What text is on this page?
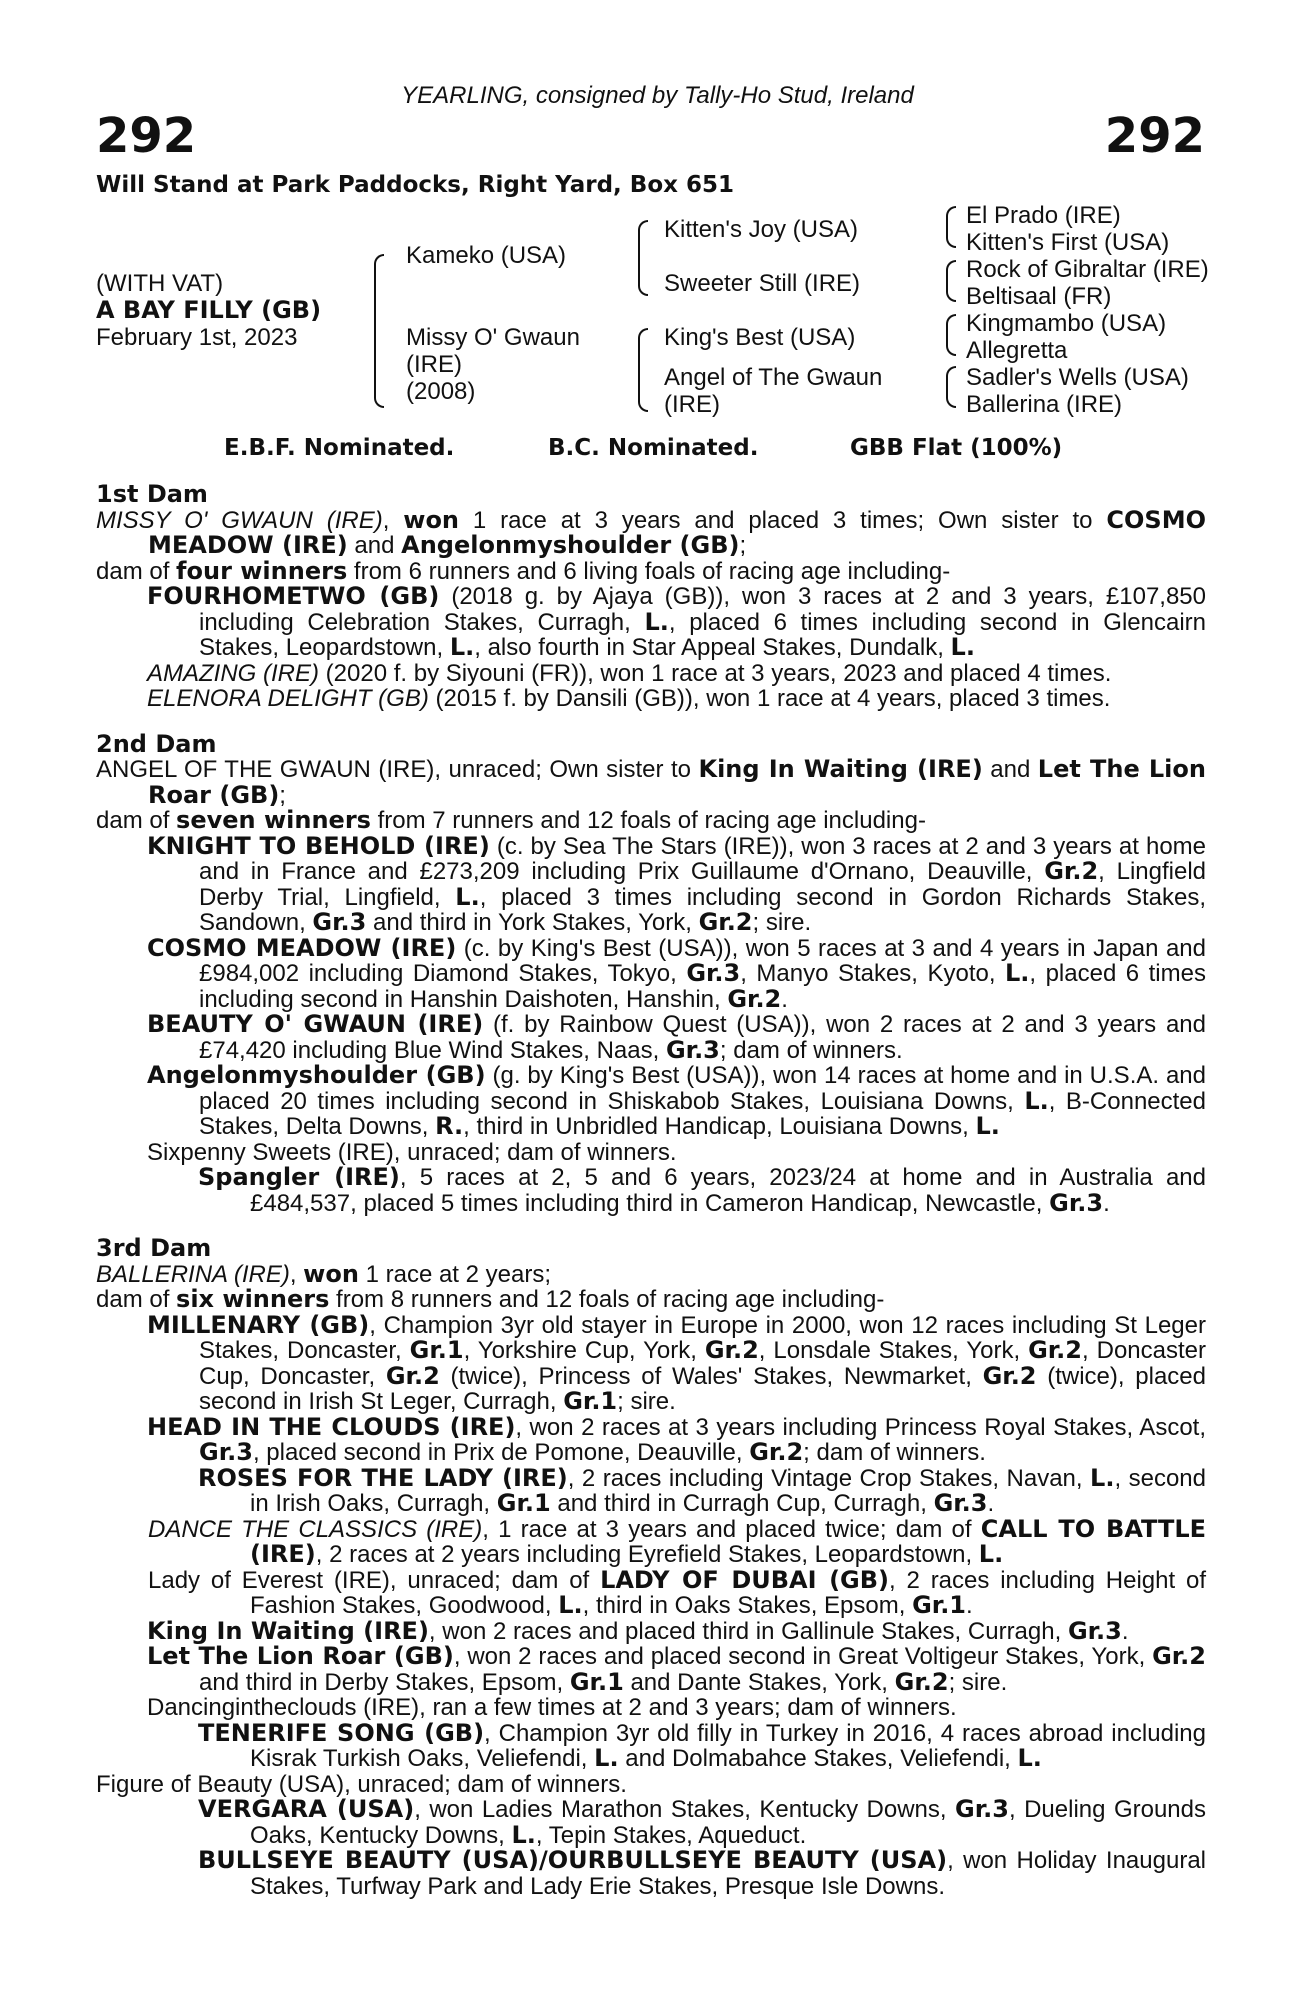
YEARLING, consigned by Tally-Ho Stud, Ireland
292	292
Will Stand at Park Paddocks, Right Yard, Box 651
(WITH VAT)
A BAY FILLY (GB)
February 1st, 2023
Kameko (USA)
Missy O' Gwaun
(IRE)
(2008)
Kitten's Joy (USA)
Sweeter Still (IRE)
King's Best (USA)
Angel of The Gwaun
(IRE)
El Prado (IRE)
Kitten's First (USA)
Rock of Gibraltar (IRE)
Beltisaal (FR)
Kingmambo (USA)
Allegretta
Sadler's Wells (USA)
Ballerina (IRE)
E.B.F. Nominated.	B.C. Nominated.	GBB Flat (100%)

1st Dam

MISSY O' GWAUN (IRE), won 1 race at 3 years and placed 3 times; Own sister to COSMO MEADOW (IRE) and Angelonmyshoulder (GB);

dam of four winners from 6 runners and 6 living foals of racing age including-

FOURHOMETWO (GB) (2018 g. by Ajaya (GB)), won 3 races at 2 and 3 years, £107,850 including Celebration Stakes, Curragh, L., placed 6 times including second in Glencairn Stakes, Leopardstown, L., also fourth in Star Appeal Stakes, Dundalk, L.

AMAZING (IRE) (2020 f. by Siyouni (FR)), won 1 race at 3 years, 2023 and placed 4 times.

ELENORA DELIGHT (GB) (2015 f. by Dansili (GB)), won 1 race at 4 years, placed 3 times.

2nd Dam

ANGEL OF THE GWAUN (IRE), unraced; Own sister to King In Waiting (IRE) and Let The Lion Roar (GB);

dam of seven winners from 7 runners and 12 foals of racing age including-

KNIGHT TO BEHOLD (IRE) (c. by Sea The Stars (IRE)), won 3 races at 2 and 3 years at home and in France and £273,209 including Prix Guillaume d'Ornano, Deauville, Gr.2, Lingfield Derby Trial, Lingfield, L., placed 3 times including second in Gordon Richards Stakes, Sandown, Gr.3 and third in York Stakes, York, Gr.2; sire.

COSMO MEADOW (IRE) (c. by King's Best (USA)), won 5 races at 3 and 4 years in Japan and £984,002 including Diamond Stakes, Tokyo, Gr.3, Manyo Stakes, Kyoto, L., placed 6 times including second in Hanshin Daishoten, Hanshin, Gr.2.

BEAUTY O' GWAUN (IRE) (f. by Rainbow Quest (USA)), won 2 races at 2 and 3 years and £74,420 including Blue Wind Stakes, Naas, Gr.3; dam of winners.

Angelonmyshoulder (GB) (g. by King's Best (USA)), won 14 races at home and in U.S.A. and placed 20 times including second in Shiskabob Stakes, Louisiana Downs, L., B-Connected Stakes, Delta Downs, R., third in Unbridled Handicap, Louisiana Downs, L.

Sixpenny Sweets (IRE), unraced; dam of winners.

Spangler (IRE), 5 races at 2, 5 and 6 years, 2023/24 at home and in Australia and £484,537, placed 5 times including third in Cameron Handicap, Newcastle, Gr.3.

3rd Dam

BALLERINA (IRE), won 1 race at 2 years;

dam of six winners from 8 runners and 12 foals of racing age including-

MILLENARY (GB), Champion 3yr old stayer in Europe in 2000, won 12 races including St Leger Stakes, Doncaster, Gr.1, Yorkshire Cup, York, Gr.2, Lonsdale Stakes, York, Gr.2, Doncaster Cup, Doncaster, Gr.2 (twice), Princess of Wales' Stakes, Newmarket, Gr.2 (twice), placed second in Irish St Leger, Curragh, Gr.1; sire.

HEAD IN THE CLOUDS (IRE), won 2 races at 3 years including Princess Royal Stakes, Ascot, Gr.3, placed second in Prix de Pomone, Deauville, Gr.2; dam of winners.

ROSES FOR THE LADY (IRE), 2 races including Vintage Crop Stakes, Navan, L., second in Irish Oaks, Curragh, Gr.1 and third in Curragh Cup, Curragh, Gr.3.

DANCE THE CLASSICS (IRE), 1 race at 3 years and placed twice; dam of CALL TO BATTLE (IRE), 2 races at 2 years including Eyrefield Stakes, Leopardstown, L.

Lady of Everest (IRE), unraced; dam of LADY OF DUBAI (GB), 2 races including Height of Fashion Stakes, Goodwood, L., third in Oaks Stakes, Epsom, Gr.1.

King In Waiting (IRE), won 2 races and placed third in Gallinule Stakes, Curragh, Gr.3.

Let The Lion Roar (GB), won 2 races and placed second in Great Voltigeur Stakes, York, Gr.2 and third in Derby Stakes, Epsom, Gr.1 and Dante Stakes, York, Gr.2; sire.

Dancingintheclouds (IRE), ran a few times at 2 and 3 years; dam of winners.

TENERIFE SONG (GB), Champion 3yr old filly in Turkey in 2016, 4 races abroad including Kisrak Turkish Oaks, Veliefendi, L. and Dolmabahce Stakes, Veliefendi, L.

Figure of Beauty (USA), unraced; dam of winners.

VERGARA (USA), won Ladies Marathon Stakes, Kentucky Downs, Gr.3, Dueling Grounds Oaks, Kentucky Downs, L., Tepin Stakes, Aqueduct.

BULLSEYE BEAUTY (USA)/OURBULLSEYE BEAUTY (USA), won Holiday Inaugural Stakes, Turfway Park and Lady Erie Stakes, Presque Isle Downs.
